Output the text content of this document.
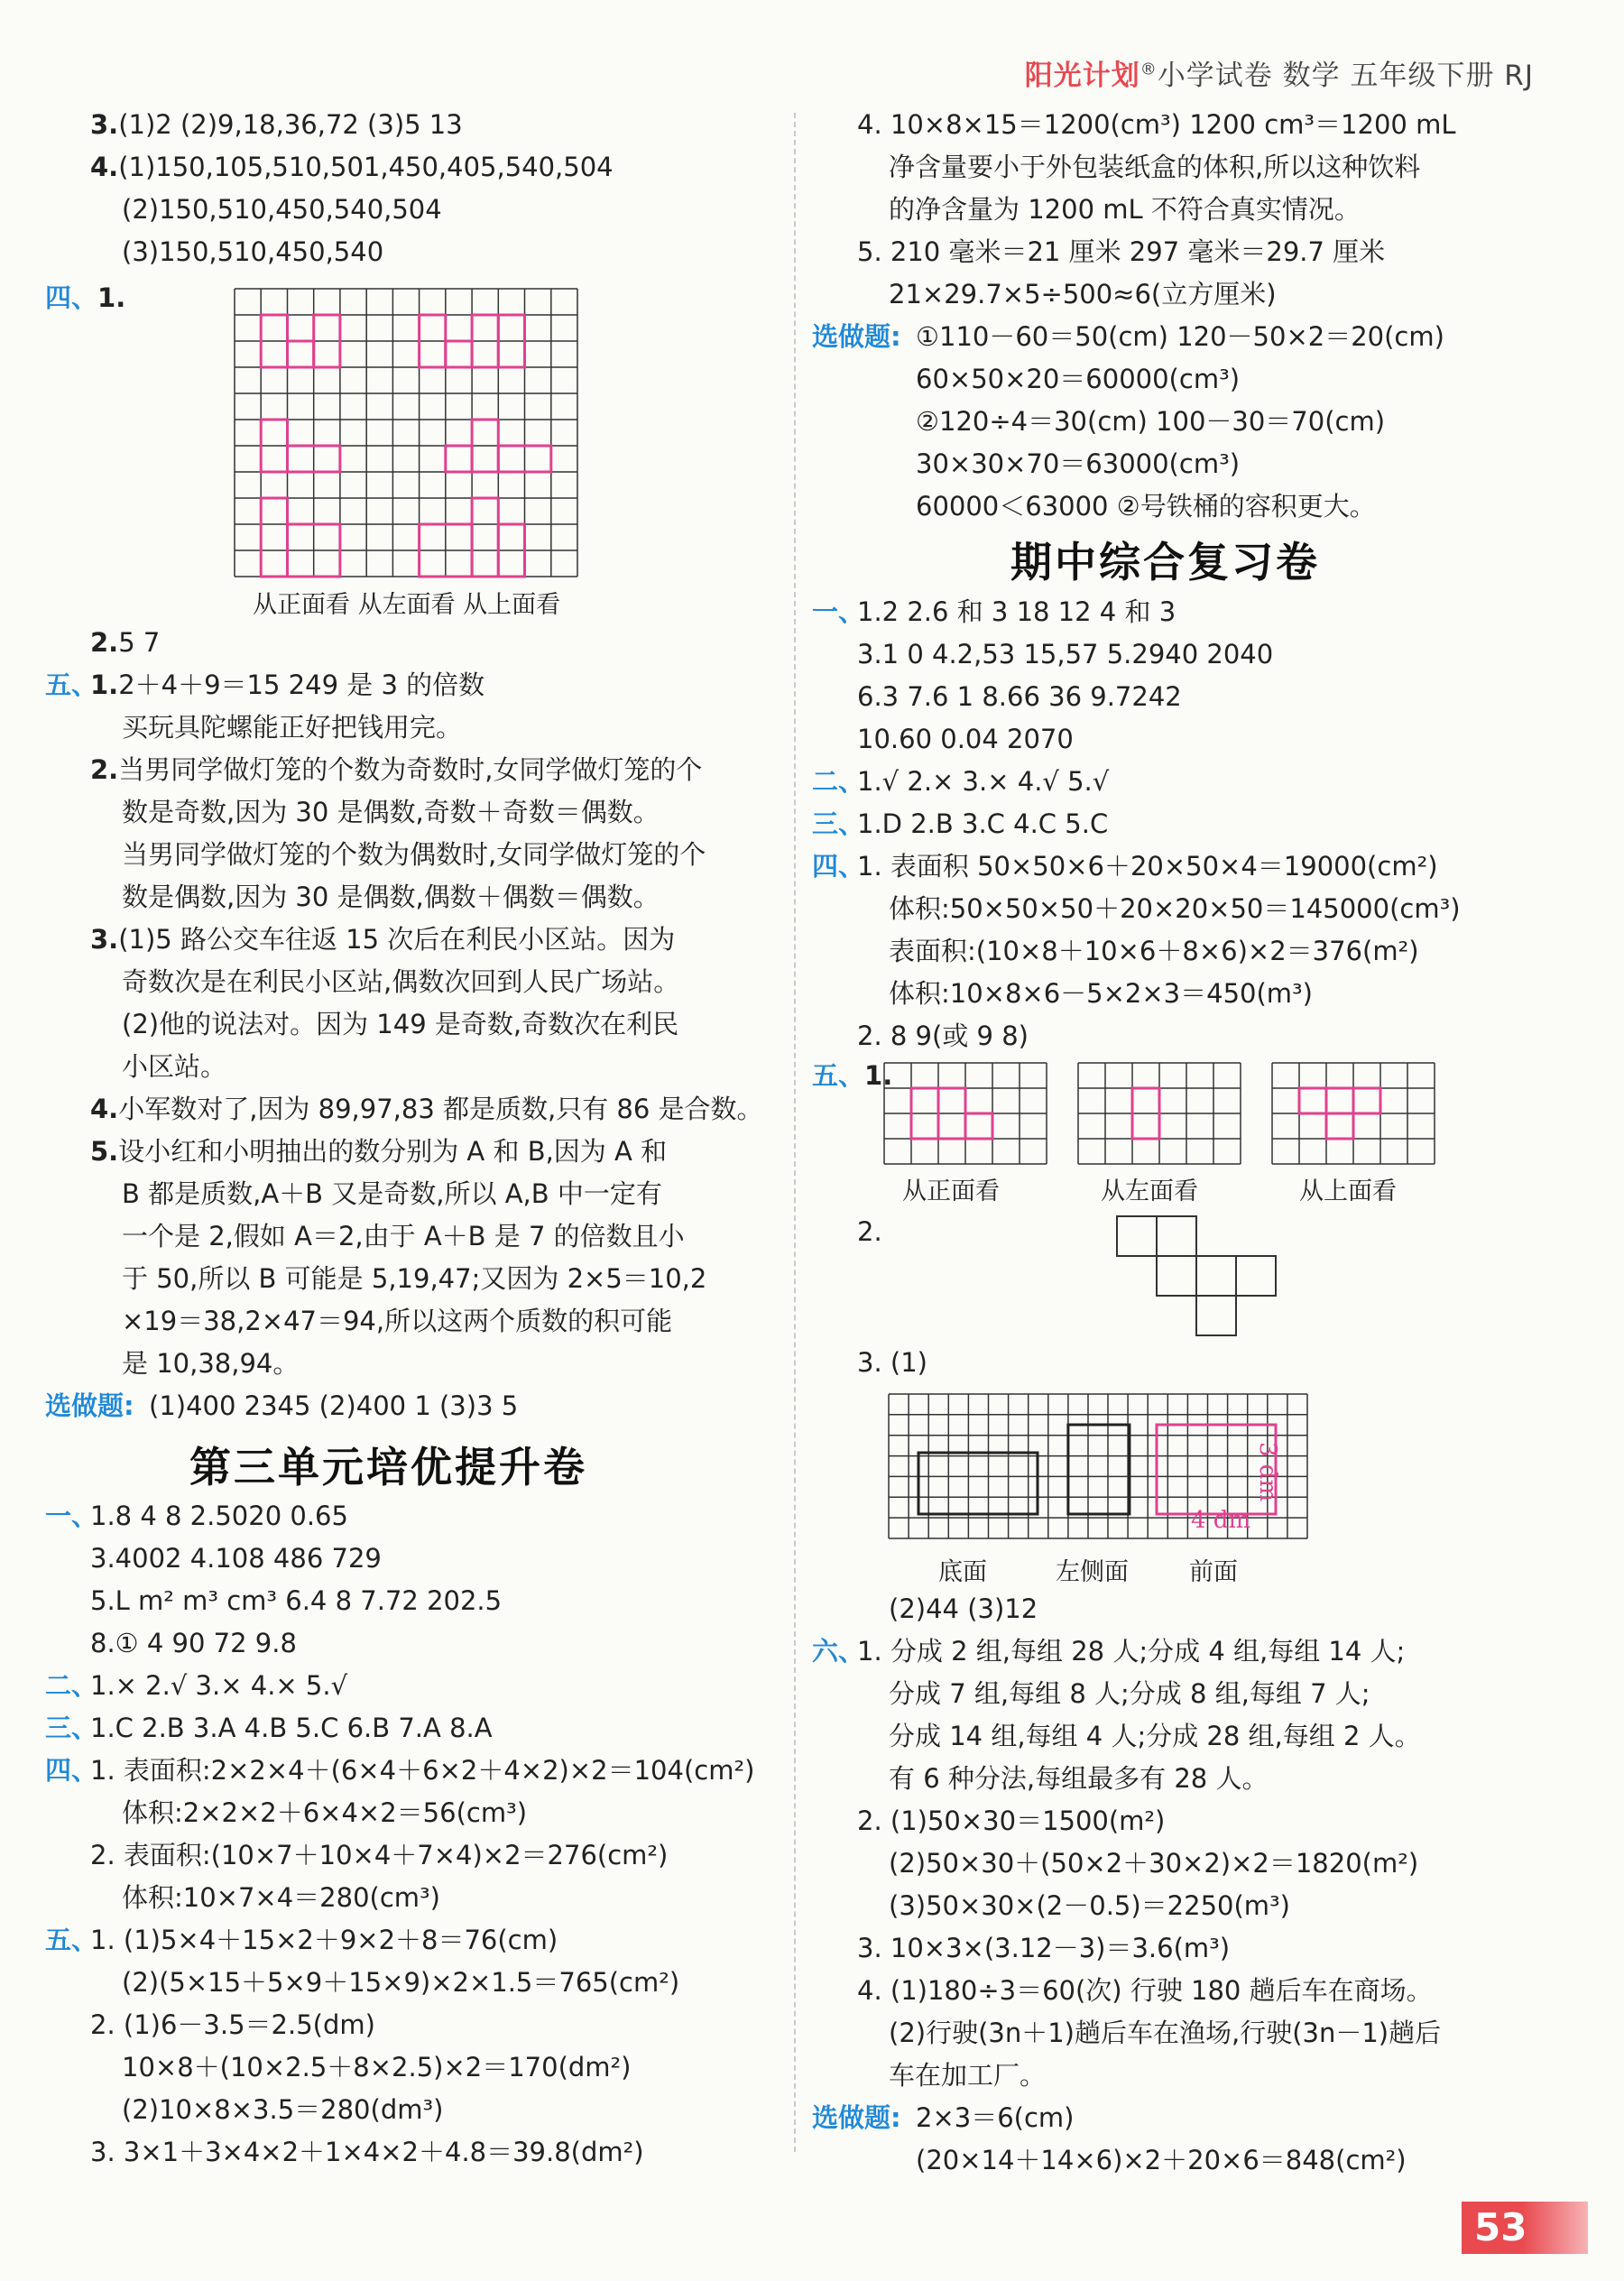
阳光计划®小学试卷 数学 五年级下册 RJ
3.(1)2 (2)9,18,36,72 (3)5 13
4.(1)150,105,510,501,450,405,540,504
(2)150,510,450,540,504
(3)150,510,450,540
四、1.
从正面看 从左面看 从上面看
2.5 7
五、
1.2＋4＋9＝15 249 是 3 的倍数
买玩具陀螺能正好把钱用完。
2.当男同学做灯笼的个数为奇数时,女同学做灯笼的个
数是奇数,因为 30 是偶数,奇数＋奇数＝偶数。
当男同学做灯笼的个数为偶数时,女同学做灯笼的个
数是偶数,因为 30 是偶数,偶数＋偶数＝偶数。
3.(1)5 路公交车往返 15 次后在利民小区站。因为
奇数次是在利民小区站,偶数次回到人民广场站。
(2)他的说法对。因为 149 是奇数,奇数次在利民
小区站。
4.小军数对了,因为 89,97,83 都是质数,只有 86 是合数。
5.设小红和小明抽出的数分别为 A 和 B,因为 A 和
B 都是质数,A＋B 又是奇数,所以 A,B 中一定有
一个是 2,假如 A＝2,由于 A＋B 是 7 的倍数且小
于 50,所以 B 可能是 5,19,47;又因为 2×5＝10,2
×19＝38,2×47＝94,所以这两个质数的积可能
是 10,38,94。
选做题: (1)400 2345 (2)400 1 (3)3 5
第三单元培优提升卷
一、
1.8 4 8 2.5020 0.65
3.4002 4.108 486 729
5.L m² m³ cm³ 6.4 8 7.72 202.5
8.① 4 90 72 9.8
二、
1.× 2.√ 3.× 4.× 5.√
三、
1.C 2.B 3.A 4.B 5.C 6.B 7.A 8.A
四、
1. 表面积:2×2×4＋(6×4＋6×2＋4×2)×2＝104(cm²)
体积:2×2×2＋6×4×2＝56(cm³)
2. 表面积:(10×7＋10×4＋7×4)×2＝276(cm²)
体积:10×7×4＝280(cm³)
五、
1. (1)5×4＋15×2＋9×2＋8＝76(cm)
(2)(5×15＋5×9＋15×9)×2×1.5＝765(cm²)
2. (1)6－3.5＝2.5(dm)
10×8＋(10×2.5＋8×2.5)×2＝170(dm²)
(2)10×8×3.5＝280(dm³)
3. 3×1＋3×4×2＋1×4×2＋4.8＝39.8(dm²)
4. 10×8×15＝1200(cm³) 1200 cm³＝1200 mL
净含量要小于外包装纸盒的体积,所以这种饮料
的净含量为 1200 mL 不符合真实情况。
5. 210 毫米＝21 厘米 297 毫米＝29.7 厘米
21×29.7×5÷500≈6(立方厘米)
选做题: ①110－60＝50(cm) 120－50×2＝20(cm)
60×50×20＝60000(cm³)
②120÷4＝30(cm) 100－30＝70(cm)
30×30×70＝63000(cm³)
60000＜63000 ②号铁桶的容积更大。
期中综合复习卷
一、
1.2 2.6 和 3 18 12 4 和 3
3.1 0 4.2,53 15,57 5.2940 2040
6.3 7.6 1 8.66 36 9.7242
10.60 0.04 2070
二、
1.√ 2.× 3.× 4.√ 5.√
三、
1.D 2.B 3.C 4.C 5.C
四、
1. 表面积 50×50×6＋20×50×4＝19000(cm²)
体积:50×50×50＋20×20×50＝145000(cm³)
表面积:(10×8＋10×6＋8×6)×2＝376(m²)
体积:10×8×6－5×2×3＝450(m³)
2. 8 9(或 9 8)
五、1.
从正面看	从左面看	从上面看
2.
3. (1)
3 dm
4 dm
底面	左侧面 前面
(2)44 (3)12
六、
1. 分成 2 组,每组 28 人;分成 4 组,每组 14 人;
分成 7 组,每组 8 人;分成 8 组,每组 7 人;
分成 14 组,每组 4 人;分成 28 组,每组 2 人。
有 6 种分法,每组最多有 28 人。
2. (1)50×30＝1500(m²)
(2)50×30＋(50×2＋30×2)×2＝1820(m²)
(3)50×30×(2－0.5)＝2250(m³)
3. 10×3×(3.12－3)＝3.6(m³)
4. (1)180÷3＝60(次) 行驶 180 趟后车在商场。
(2)行驶(3n＋1)趟后车在渔场,行驶(3n－1)趟后
车在加工厂。
选做题: 2×3＝6(cm)
(20×14＋14×6)×2＋20×6＝848(cm²)
53
